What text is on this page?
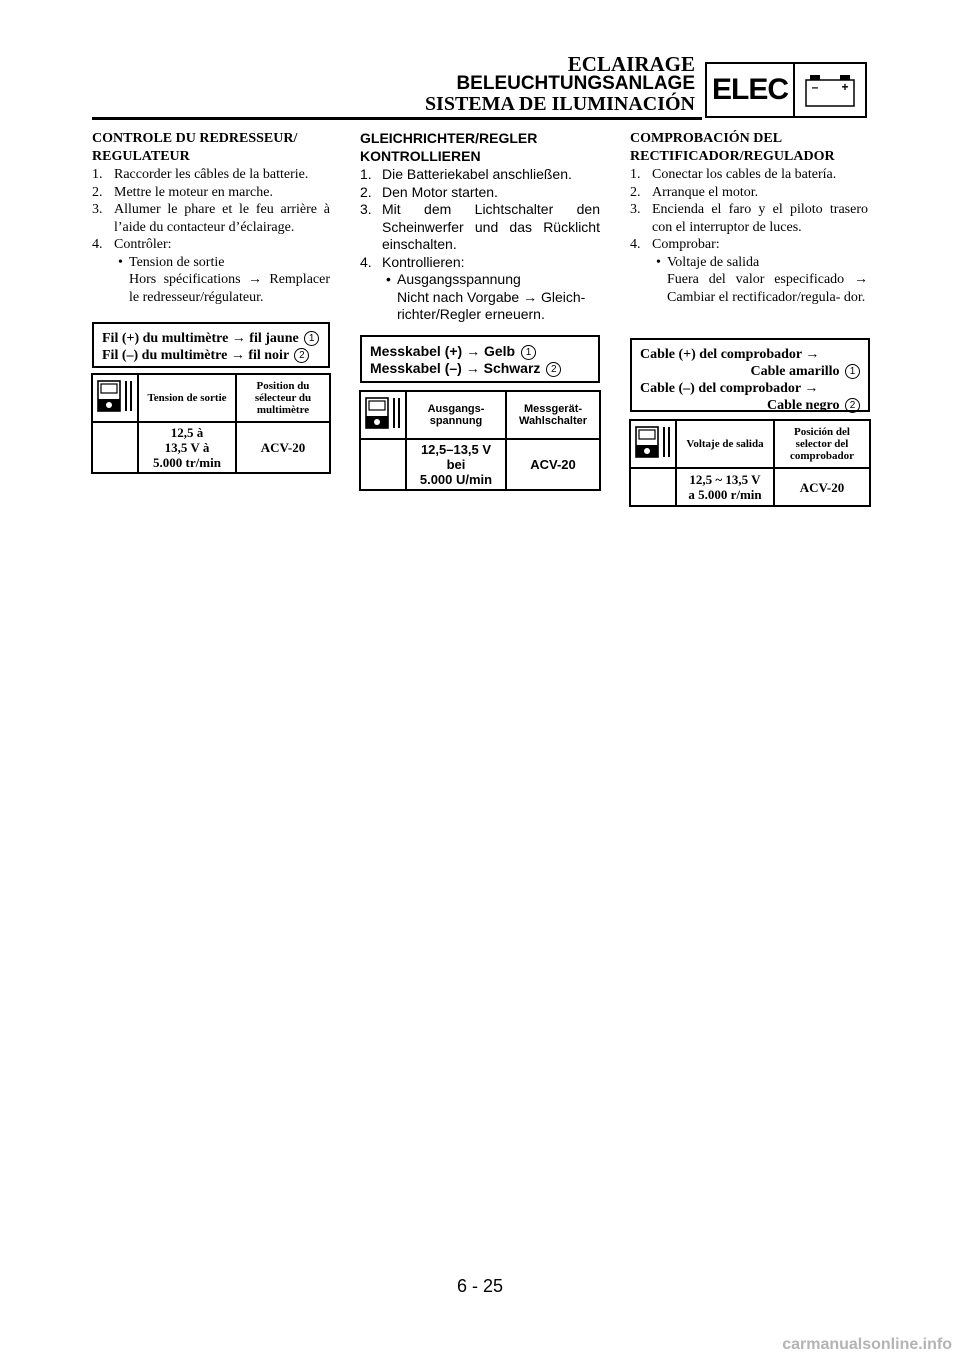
ECLAIRAGE
BELEUCHTUNGSANLAGE
SISTEMA DE ILUMINACIÓN ELEC	– +
CONTROLE DU REDRESSEUR/
REGULATEUR
1. Raccorder les câbles de la batterie.
2. Mettre le moteur en marche.
3. Allumer le phare et le feu arrière à l’aide du contacteur d’éclairage.
4. Contrôler:
• Tension de sortie
Hors spécifications → Remplacer le redresseur/régulateur.
Fil (+) du multimètre → fil jaune 1
Fil (–) du multimètre → fil noir 2
	Tension de sortie	Position du sélecteur du multimètre

	12,5 à
13,5 V à
5.000 tr/min	ACV-20
GLEICHRICHTER/REGLER
KONTROLLIEREN
1. Die Batteriekabel anschließen.
2. Den Motor starten.
3. Mit dem Lichtschalter den Scheinwerfer und das Rücklicht einschalten.
4. Kontrollieren:
• Ausgangsspannung
Nicht nach Vorgabe → Gleich- richter/Regler erneuern.
Messkabel (+) → Gelb 1
Messkabel (–) → Schwarz 2
	Ausgangs- spannung	Messgerät- Wahlschalter

	12,5–13,5 V
bei
5.000 U/min	ACV-20
COMPROBACIÓN DEL
RECTIFICADOR/REGULADOR
1. Conectar los cables de la batería.
2. Arranque el motor.
3. Encienda el faro y el piloto trasero con el interruptor de luces.
4. Comprobar:
• Voltaje de salida
Fuera del valor especificado → Cambiar el rectificador/regula- dor.
Cable (+) del comprobador →
Cable amarillo 1
Cable (–) del comprobador →
Cable negro 2
	Voltaje de salida	Posición del selector del comprobador

	12,5 ~ 13,5 V
a 5.000 r/min	ACV-20
6 - 25
carmanualsonline.info
